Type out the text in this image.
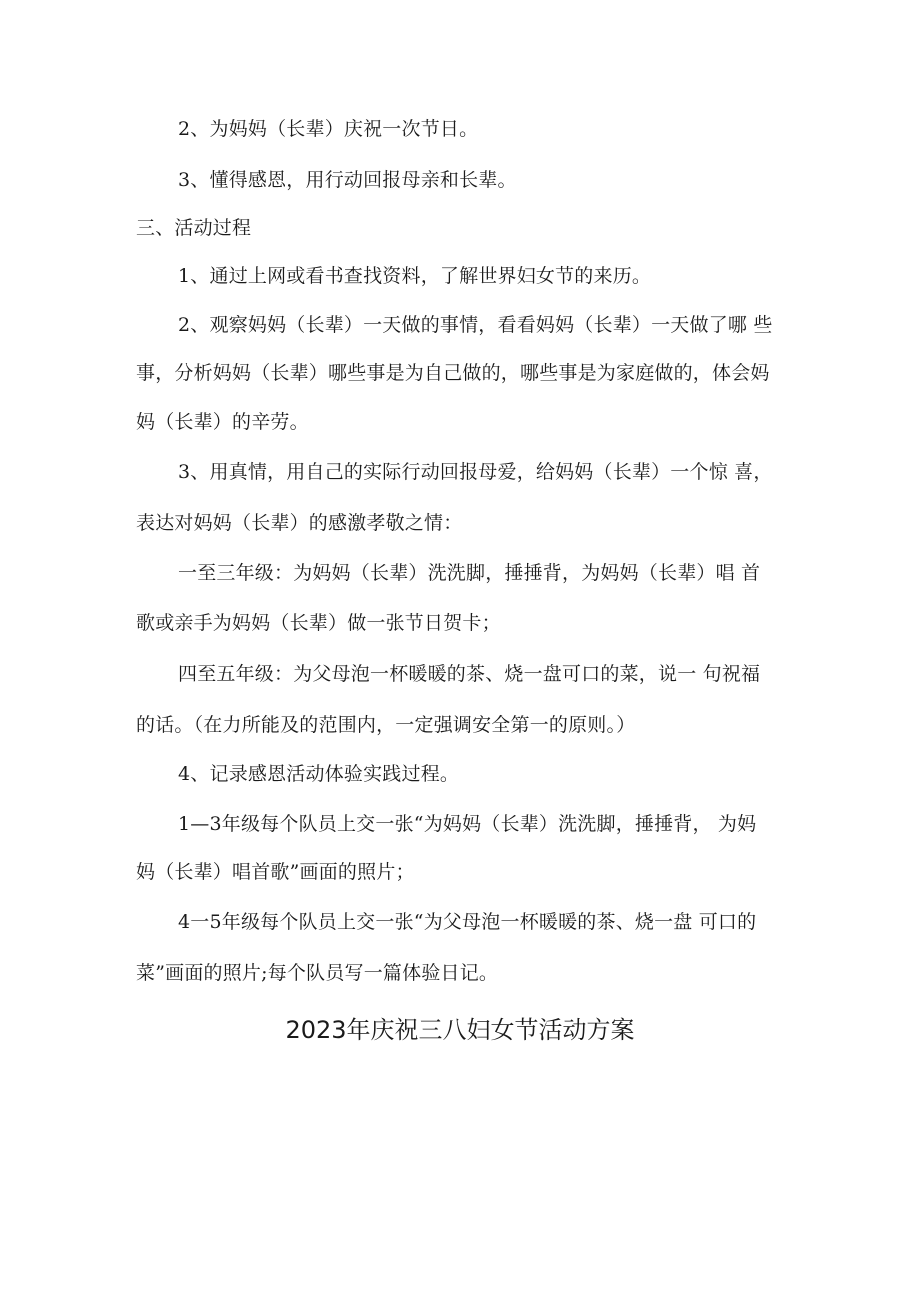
2、为妈妈（长辈）庆祝一次节日。
3、懂得感恩，用行动回报母亲和长辈。
三、活动过程
1、通过上网或看书查找资料，了解世界妇女节的来历。
2、观察妈妈（长辈）一天做的事情，看看妈妈（长辈）一天做了哪 些
事，分析妈妈（长辈）哪些事是为自己做的，哪些事是为家庭做的，体会妈
妈（长辈）的辛劳。
3、用真情，用自己的实际行动回报母爱，给妈妈（长辈）一个惊 喜，
表达对妈妈（长辈）的感激孝敬之情：
一至三年级：为妈妈（长辈）洗洗脚，捶捶背，为妈妈（长辈）唱 首
歌或亲手为妈妈（长辈）做一张节日贺卡；
四至五年级：为父母泡一杯暖暖的茶、烧一盘可口的菜，说一 句祝福
的话。（在力所能及的范围内，一定强调安全第一的原则。）
4、记录感恩活动体验实践过程。
1—3年级每个队员上交一张“为妈妈（长辈）洗洗脚，捶捶背， 为妈
妈（长辈）唱首歌”画面的照片；
4一5年级每个队员上交一张“为父母泡一杯暖暖的茶、烧一盘 可口的
菜”画面的照片;每个队员写一篇体验日记。
2023年庆祝三八妇女节活动方案
